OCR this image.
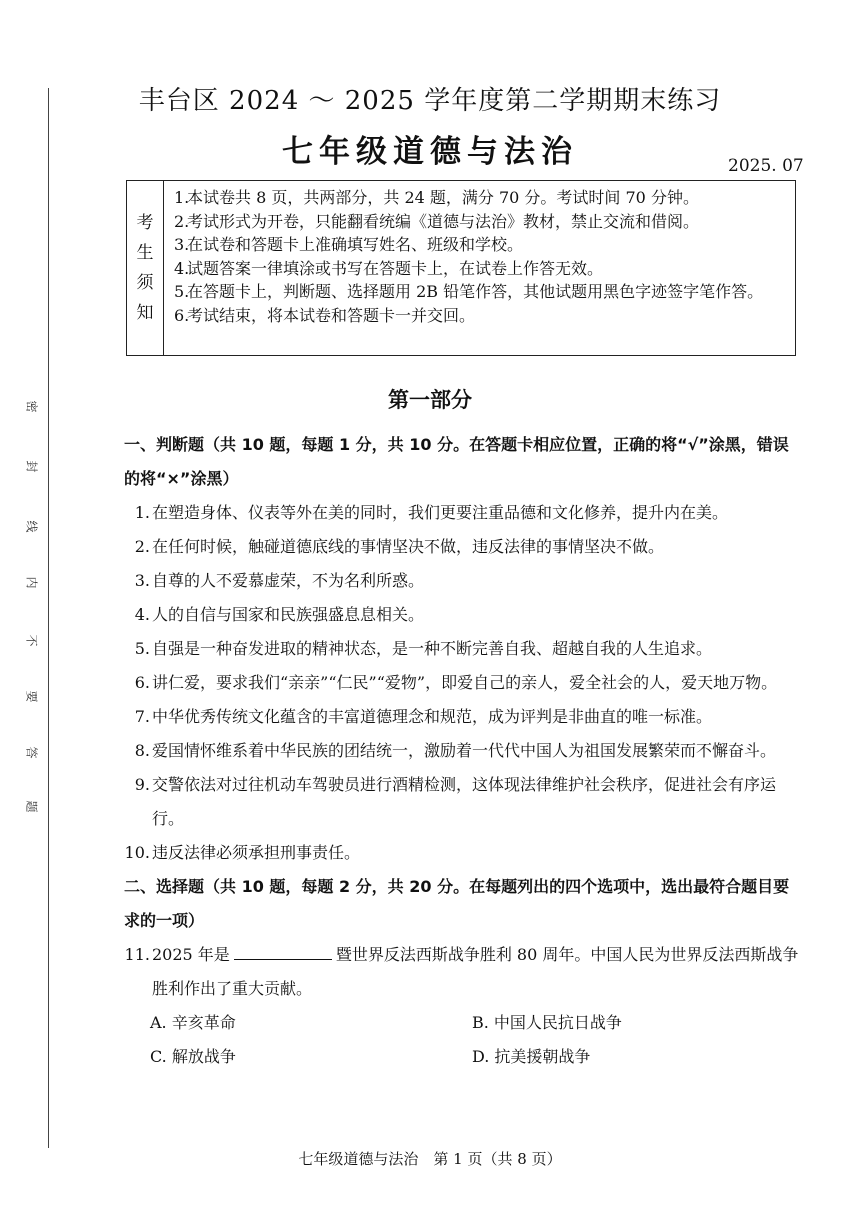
密
封
线
内
不
要
答
题
丰台区 2024 ～ 2025 学年度第二学期期末练习
七年级道德与法治	2025. 07
考
生
须
知
1.
本试卷共 8 页，共两部分，共 24 题，满分 70 分。考试时间 70 分钟。
2.
考试形式为开卷，只能翻看统编《道德与法治》教材，禁止交流和借阅。
3.
在试卷和答题卡上准确填写姓名、班级和学校。
4.
试题答案一律填涂或书写在答题卡上，在试卷上作答无效。
5.
在答题卡上，判断题、选择题用 2B 铅笔作答，其他试题用黑色字迹签字笔作答。
6.
考试结束，将本试卷和答题卡一并交回。
第一部分
一、判断题（共 10 题，每题 1 分，共 10 分。在答题卡相应位置，正确的将“√”涂黑，错误的将“×”涂黑）
1. 在塑造身体、仪表等外在美的同时，我们更要注重品德和文化修养，提升内在美。
2. 在任何时候，触碰道德底线的事情坚决不做，违反法律的事情坚决不做。
3. 自尊的人不爱慕虚荣，不为名利所惑。
4. 人的自信与国家和民族强盛息息相关。
5. 自强是一种奋发进取的精神状态，是一种不断完善自我、超越自我的人生追求。
6. 讲仁爱，要求我们“亲亲”“仁民”“爱物”，即爱自己的亲人，爱全社会的人，爱天地万物。
7. 中华优秀传统文化蕴含的丰富道德理念和规范，成为评判是非曲直的唯一标准。
8. 爱国情怀维系着中华民族的团结统一，激励着一代代中国人为祖国发展繁荣而不懈奋斗。
9. 交警依法对过往机动车驾驶员进行酒精检测，这体现法律维护社会秩序，促进社会有序运行。
10. 违反法律必须承担刑事责任。
二、选择题（共 10 题，每题 2 分，共 20 分。在每题列出的四个选项中，选出最符合题目要求的一项）
11. 2025 年是	暨世界反法西斯战争胜利 80 周年。中国人民为世界反法西斯战争胜利作出了重大贡献。
A. 辛亥革命	B. 中国人民抗日战争
C. 解放战争	D. 抗美援朝战争
七年级道德与法治　第 1 页（共 8 页）
